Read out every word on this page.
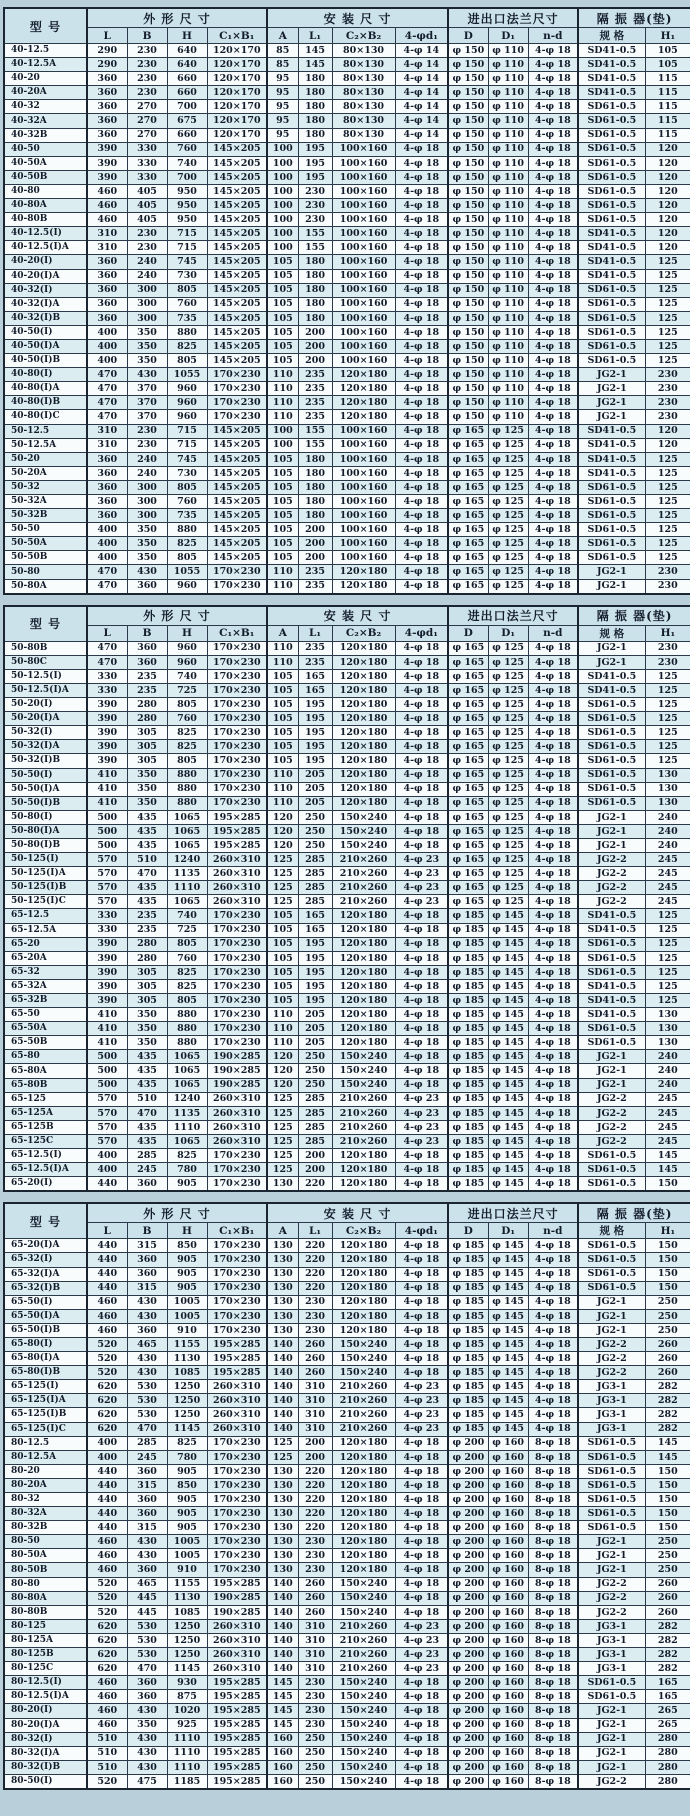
型 号	外 形 尺 寸				安 装 尺 寸				进出口法兰尺寸			隔 振 器(垫)	
	L	B	H	C₁×B₁	A	L₁	C₂×B₂	4-φd₁	D	D₁	n-d	规 格	H₁
40-12.5	290	230	640	120×170	85	145	80×130	4-φ 14	φ 150	φ 110	4-φ 18	SD41-0.5	105
40-12.5A	290	230	640	120×170	85	145	80×130	4-φ 14	φ 150	φ 110	4-φ 18	SD41-0.5	105
40-20	360	230	660	120×170	95	180	80×130	4-φ 14	φ 150	φ 110	4-φ 18	SD41-0.5	115
40-20A	360	230	660	120×170	95	180	80×130	4-φ 14	φ 150	φ 110	4-φ 18	SD41-0.5	115
40-32	360	270	700	120×170	95	180	80×130	4-φ 14	φ 150	φ 110	4-φ 18	SD61-0.5	115
40-32A	360	270	675	120×170	95	180	80×130	4-φ 14	φ 150	φ 110	4-φ 18	SD61-0.5	115
40-32B	360	270	660	120×170	95	180	80×130	4-φ 14	φ 150	φ 110	4-φ 18	SD61-0.5	115
40-50	390	330	760	145×205	100	195	100×160	4-φ 18	φ 150	φ 110	4-φ 18	SD61-0.5	120
40-50A	390	330	740	145×205	100	195	100×160	4-φ 18	φ 150	φ 110	4-φ 18	SD61-0.5	120
40-50B	390	330	700	145×205	100	195	100×160	4-φ 18	φ 150	φ 110	4-φ 18	SD61-0.5	120
40-80	460	405	950	145×205	100	230	100×160	4-φ 18	φ 150	φ 110	4-φ 18	SD61-0.5	120
40-80A	460	405	950	145×205	100	230	100×160	4-φ 18	φ 150	φ 110	4-φ 18	SD61-0.5	120
40-80B	460	405	950	145×205	100	230	100×160	4-φ 18	φ 150	φ 110	4-φ 18	SD61-0.5	120
40-12.5(I)	310	230	715	145×205	100	155	100×160	4-φ 18	φ 150	φ 110	4-φ 18	SD41-0.5	120
40-12.5(I)A	310	230	715	145×205	100	155	100×160	4-φ 18	φ 150	φ 110	4-φ 18	SD41-0.5	120
40-20(I)	360	240	745	145×205	105	180	100×160	4-φ 18	φ 150	φ 110	4-φ 18	SD41-0.5	125
40-20(I)A	360	240	730	145×205	105	180	100×160	4-φ 18	φ 150	φ 110	4-φ 18	SD41-0.5	125
40-32(I)	360	300	805	145×205	105	180	100×160	4-φ 18	φ 150	φ 110	4-φ 18	SD61-0.5	125
40-32(I)A	360	300	760	145×205	105	180	100×160	4-φ 18	φ 150	φ 110	4-φ 18	SD61-0.5	125
40-32(I)B	360	300	735	145×205	105	180	100×160	4-φ 18	φ 150	φ 110	4-φ 18	SD61-0.5	125
40-50(I)	400	350	880	145×205	105	200	100×160	4-φ 18	φ 150	φ 110	4-φ 18	SD61-0.5	125
40-50(I)A	400	350	825	145×205	105	200	100×160	4-φ 18	φ 150	φ 110	4-φ 18	SD61-0.5	125
40-50(I)B	400	350	805	145×205	105	200	100×160	4-φ 18	φ 150	φ 110	4-φ 18	SD61-0.5	125
40-80(I)	470	430	1055	170×230	110	235	120×180	4-φ 18	φ 150	φ 110	4-φ 18	JG2-1	230
40-80(I)A	470	370	960	170×230	110	235	120×180	4-φ 18	φ 150	φ 110	4-φ 18	JG2-1	230
40-80(I)B	470	370	960	170×230	110	235	120×180	4-φ 18	φ 150	φ 110	4-φ 18	JG2-1	230
40-80(I)C	470	370	960	170×230	110	235	120×180	4-φ 18	φ 150	φ 110	4-φ 18	JG2-1	230
50-12.5	310	230	715	145×205	100	155	100×160	4-φ 18	φ 165	φ 125	4-φ 18	SD41-0.5	120
50-12.5A	310	230	715	145×205	100	155	100×160	4-φ 18	φ 165	φ 125	4-φ 18	SD41-0.5	120
50-20	360	240	745	145×205	105	180	100×160	4-φ 18	φ 165	φ 125	4-φ 18	SD41-0.5	125
50-20A	360	240	730	145×205	105	180	100×160	4-φ 18	φ 165	φ 125	4-φ 18	SD41-0.5	125
50-32	360	300	805	145×205	105	180	100×160	4-φ 18	φ 165	φ 125	4-φ 18	SD61-0.5	125
50-32A	360	300	760	145×205	105	180	100×160	4-φ 18	φ 165	φ 125	4-φ 18	SD61-0.5	125
50-32B	360	300	735	145×205	105	180	100×160	4-φ 18	φ 165	φ 125	4-φ 18	SD61-0.5	125
50-50	400	350	880	145×205	105	200	100×160	4-φ 18	φ 165	φ 125	4-φ 18	SD61-0.5	125
50-50A	400	350	825	145×205	105	200	100×160	4-φ 18	φ 165	φ 125	4-φ 18	SD61-0.5	125
50-50B	400	350	805	145×205	105	200	100×160	4-φ 18	φ 165	φ 125	4-φ 18	SD61-0.5	125
50-80	470	430	1055	170×230	110	235	120×180	4-φ 18	φ 165	φ 125	4-φ 18	JG2-1	230
50-80A	470	360	960	170×230	110	235	120×180	4-φ 18	φ 165	φ 125	4-φ 18	JG2-1	230
型 号	外 形 尺 寸				安 装 尺 寸				进出口法兰尺寸			隔 振 器(垫)	
	L	B	H	C₁×B₁	A	L₁	C₂×B₂	4-φd₁	D	D₁	n-d	规 格	H₁
50-80B	470	360	960	170×230	110	235	120×180	4-φ 18	φ 165	φ 125	4-φ 18	JG2-1	230
50-80C	470	360	960	170×230	110	235	120×180	4-φ 18	φ 165	φ 125	4-φ 18	JG2-1	230
50-12.5(I)	330	235	740	170×230	105	165	120×180	4-φ 18	φ 165	φ 125	4-φ 18	SD41-0.5	125
50-12.5(I)A	330	235	725	170×230	105	165	120×180	4-φ 18	φ 165	φ 125	4-φ 18	SD41-0.5	125
50-20(I)	390	280	805	170×230	105	195	120×180	4-φ 18	φ 165	φ 125	4-φ 18	SD61-0.5	125
50-20(I)A	390	280	760	170×230	105	195	120×180	4-φ 18	φ 165	φ 125	4-φ 18	SD61-0.5	125
50-32(I)	390	305	825	170×230	105	195	120×180	4-φ 18	φ 165	φ 125	4-φ 18	SD61-0.5	125
50-32(I)A	390	305	825	170×230	105	195	120×180	4-φ 18	φ 165	φ 125	4-φ 18	SD61-0.5	125
50-32(I)B	390	305	805	170×230	105	195	120×180	4-φ 18	φ 165	φ 125	4-φ 18	SD61-0.5	125
50-50(I)	410	350	880	170×230	110	205	120×180	4-φ 18	φ 165	φ 125	4-φ 18	SD61-0.5	130
50-50(I)A	410	350	880	170×230	110	205	120×180	4-φ 18	φ 165	φ 125	4-φ 18	SD61-0.5	130
50-50(I)B	410	350	880	170×230	110	205	120×180	4-φ 18	φ 165	φ 125	4-φ 18	SD61-0.5	130
50-80(I)	500	435	1065	195×285	120	250	150×240	4-φ 18	φ 165	φ 125	4-φ 18	JG2-1	240
50-80(I)A	500	435	1065	195×285	120	250	150×240	4-φ 18	φ 165	φ 125	4-φ 18	JG2-1	240
50-80(I)B	500	435	1065	195×285	120	250	150×240	4-φ 18	φ 165	φ 125	4-φ 18	JG2-1	240
50-125(I)	570	510	1240	260×310	125	285	210×260	4-φ 23	φ 165	φ 125	4-φ 18	JG2-2	245
50-125(I)A	570	470	1135	260×310	125	285	210×260	4-φ 23	φ 165	φ 125	4-φ 18	JG2-2	245
50-125(I)B	570	435	1110	260×310	125	285	210×260	4-φ 23	φ 165	φ 125	4-φ 18	JG2-2	245
50-125(I)C	570	435	1065	260×310	125	285	210×260	4-φ 23	φ 165	φ 125	4-φ 18	JG2-2	245
65-12.5	330	235	740	170×230	105	165	120×180	4-φ 18	φ 185	φ 145	4-φ 18	SD41-0.5	125
65-12.5A	330	235	725	170×230	105	165	120×180	4-φ 18	φ 185	φ 145	4-φ 18	SD41-0.5	125
65-20	390	280	805	170×230	105	195	120×180	4-φ 18	φ 185	φ 145	4-φ 18	SD61-0.5	125
65-20A	390	280	760	170×230	105	195	120×180	4-φ 18	φ 185	φ 145	4-φ 18	SD61-0.5	125
65-32	390	305	825	170×230	105	195	120×180	4-φ 18	φ 185	φ 145	4-φ 18	SD61-0.5	125
65-32A	390	305	825	170×230	105	195	120×180	4-φ 18	φ 185	φ 145	4-φ 18	SD41-0.5	125
65-32B	390	305	805	170×230	105	195	120×180	4-φ 18	φ 185	φ 145	4-φ 18	SD41-0.5	125
65-50	410	350	880	170×230	110	205	120×180	4-φ 18	φ 185	φ 145	4-φ 18	SD41-0.5	130
65-50A	410	350	880	170×230	110	205	120×180	4-φ 18	φ 185	φ 145	4-φ 18	SD61-0.5	130
65-50B	410	350	880	170×230	110	205	120×180	4-φ 18	φ 185	φ 145	4-φ 18	SD61-0.5	130
65-80	500	435	1065	190×285	120	250	150×240	4-φ 18	φ 185	φ 145	4-φ 18	JG2-1	240
65-80A	500	435	1065	190×285	120	250	150×240	4-φ 18	φ 185	φ 145	4-φ 18	JG2-1	240
65-80B	500	435	1065	190×285	120	250	150×240	4-φ 18	φ 185	φ 145	4-φ 18	JG2-1	240
65-125	570	510	1240	260×310	125	285	210×260	4-φ 23	φ 185	φ 145	4-φ 18	JG2-2	245
65-125A	570	470	1135	260×310	125	285	210×260	4-φ 23	φ 185	φ 145	4-φ 18	JG2-2	245
65-125B	570	435	1110	260×310	125	285	210×260	4-φ 23	φ 185	φ 145	4-φ 18	JG2-2	245
65-125C	570	435	1065	260×310	125	285	210×260	4-φ 23	φ 185	φ 145	4-φ 18	JG2-2	245
65-12.5(I)	400	285	825	170×230	125	200	120×180	4-φ 18	φ 185	φ 145	4-φ 18	SD61-0.5	145
65-12.5(I)A	400	245	780	170×230	125	200	120×180	4-φ 18	φ 185	φ 145	4-φ 18	SD61-0.5	145
65-20(I)	440	360	905	170×230	130	220	120×180	4-φ 18	φ 185	φ 145	4-φ 18	SD61-0.5	150
型 号	外 形 尺 寸				安 装 尺 寸				进出口法兰尺寸			隔 振 器(垫)	
	L	B	H	C₁×B₁	A	L₁	C₂×B₂	4-φd₁	D	D₁	n-d	规 格	H₁
65-20(I)A	440	315	850	170×230	130	220	120×180	4-φ 18	φ 185	φ 145	4-φ 18	SD61-0.5	150
65-32(I)	440	360	905	170×230	130	220	120×180	4-φ 18	φ 185	φ 145	4-φ 18	SD61-0.5	150
65-32(I)A	440	360	905	170×230	130	220	120×180	4-φ 18	φ 185	φ 145	4-φ 18	SD61-0.5	150
65-32(I)B	440	315	905	170×230	130	220	120×180	4-φ 18	φ 185	φ 145	4-φ 18	SD61-0.5	150
65-50(I)	460	430	1005	170×230	130	230	120×180	4-φ 18	φ 185	φ 145	4-φ 18	JG2-1	250
65-50(I)A	460	430	1005	170×230	130	230	120×180	4-φ 18	φ 185	φ 145	4-φ 18	JG2-1	250
65-50(I)B	460	360	910	170×230	130	230	120×180	4-φ 18	φ 185	φ 145	4-φ 18	JG2-1	250
65-80(I)	520	465	1155	195×285	140	260	150×240	4-φ 18	φ 185	φ 145	4-φ 18	JG2-2	260
65-80(I)A	520	430	1130	195×285	140	260	150×240	4-φ 18	φ 185	φ 145	4-φ 18	JG2-2	260
65-80(I)B	520	430	1085	195×285	140	260	150×240	4-φ 18	φ 185	φ 145	4-φ 18	JG2-2	260
65-125(I)	620	530	1250	260×310	140	310	210×260	4-φ 23	φ 185	φ 145	4-φ 18	JG3-1	282
65-125(I)A	620	530	1250	260×310	140	310	210×260	4-φ 23	φ 185	φ 145	4-φ 18	JG3-1	282
65-125(I)B	620	530	1250	260×310	140	310	210×260	4-φ 23	φ 185	φ 145	4-φ 18	JG3-1	282
65-125(I)C	620	470	1145	260×310	140	310	210×260	4-φ 23	φ 185	φ 145	4-φ 18	JG3-1	282
80-12.5	400	285	825	170×230	125	200	120×180	4-φ 18	φ 200	φ 160	8-φ 18	SD61-0.5	145
80-12.5A	400	245	780	170×230	125	200	120×180	4-φ 18	φ 200	φ 160	8-φ 18	SD61-0.5	145
80-20	440	360	905	170×230	130	220	120×180	4-φ 18	φ 200	φ 160	8-φ 18	SD61-0.5	150
80-20A	440	315	850	170×230	130	220	120×180	4-φ 18	φ 200	φ 160	8-φ 18	SD61-0.5	150
80-32	440	360	905	170×230	130	220	120×180	4-φ 18	φ 200	φ 160	8-φ 18	SD61-0.5	150
80-32A	440	360	905	170×230	130	220	120×180	4-φ 18	φ 200	φ 160	8-φ 18	SD61-0.5	150
80-32B	440	315	905	170×230	130	220	120×180	4-φ 18	φ 200	φ 160	8-φ 18	SD61-0.5	150
80-50	460	430	1005	170×230	130	230	120×180	4-φ 18	φ 200	φ 160	8-φ 18	JG2-1	250
80-50A	460	430	1005	170×230	130	230	120×180	4-φ 18	φ 200	φ 160	8-φ 18	JG2-1	250
80-50B	460	360	910	170×230	130	230	120×180	4-φ 18	φ 200	φ 160	8-φ 18	JG2-1	250
80-80	520	465	1155	195×285	140	260	150×240	4-φ 18	φ 200	φ 160	8-φ 18	JG2-2	260
80-80A	520	445	1130	190×285	140	260	150×240	4-φ 18	φ 200	φ 160	8-φ 18	JG2-2	260
80-80B	520	445	1085	190×285	140	260	150×240	4-φ 18	φ 200	φ 160	8-φ 18	JG2-2	260
80-125	620	530	1250	260×310	140	310	210×260	4-φ 23	φ 200	φ 160	8-φ 18	JG3-1	282
80-125A	620	530	1250	260×310	140	310	210×260	4-φ 23	φ 200	φ 160	8-φ 18	JG3-1	282
80-125B	620	530	1250	260×310	140	310	210×260	4-φ 23	φ 200	φ 160	8-φ 18	JG3-1	282
80-125C	620	470	1145	260×310	140	310	210×260	4-φ 23	φ 200	φ 160	8-φ 18	JG3-1	282
80-12.5(I)	460	360	930	195×285	145	230	150×240	4-φ 18	φ 200	φ 160	8-φ 18	SD61-0.5	165
80-12.5(I)A	460	360	875	195×285	145	230	150×240	4-φ 18	φ 200	φ 160	8-φ 18	SD61-0.5	165
80-20(I)	460	430	1020	195×285	145	230	150×240	4-φ 18	φ 200	φ 160	8-φ 18	JG2-1	265
80-20(I)A	460	350	925	195×285	145	230	150×240	4-φ 18	φ 200	φ 160	8-φ 18	JG2-1	265
80-32(I)	510	430	1110	195×285	160	250	150×240	4-φ 18	φ 200	φ 160	8-φ 18	JG2-1	280
80-32(I)A	510	430	1110	195×285	160	250	150×240	4-φ 18	φ 200	φ 160	8-φ 18	JG2-1	280
80-32(I)B	510	430	1110	195×285	160	250	150×240	4-φ 18	φ 200	φ 160	8-φ 18	JG2-1	280
80-50(I)	520	475	1185	195×285	160	250	150×240	4-φ 18	φ 200	φ 160	8-φ 18	JG2-2	280
